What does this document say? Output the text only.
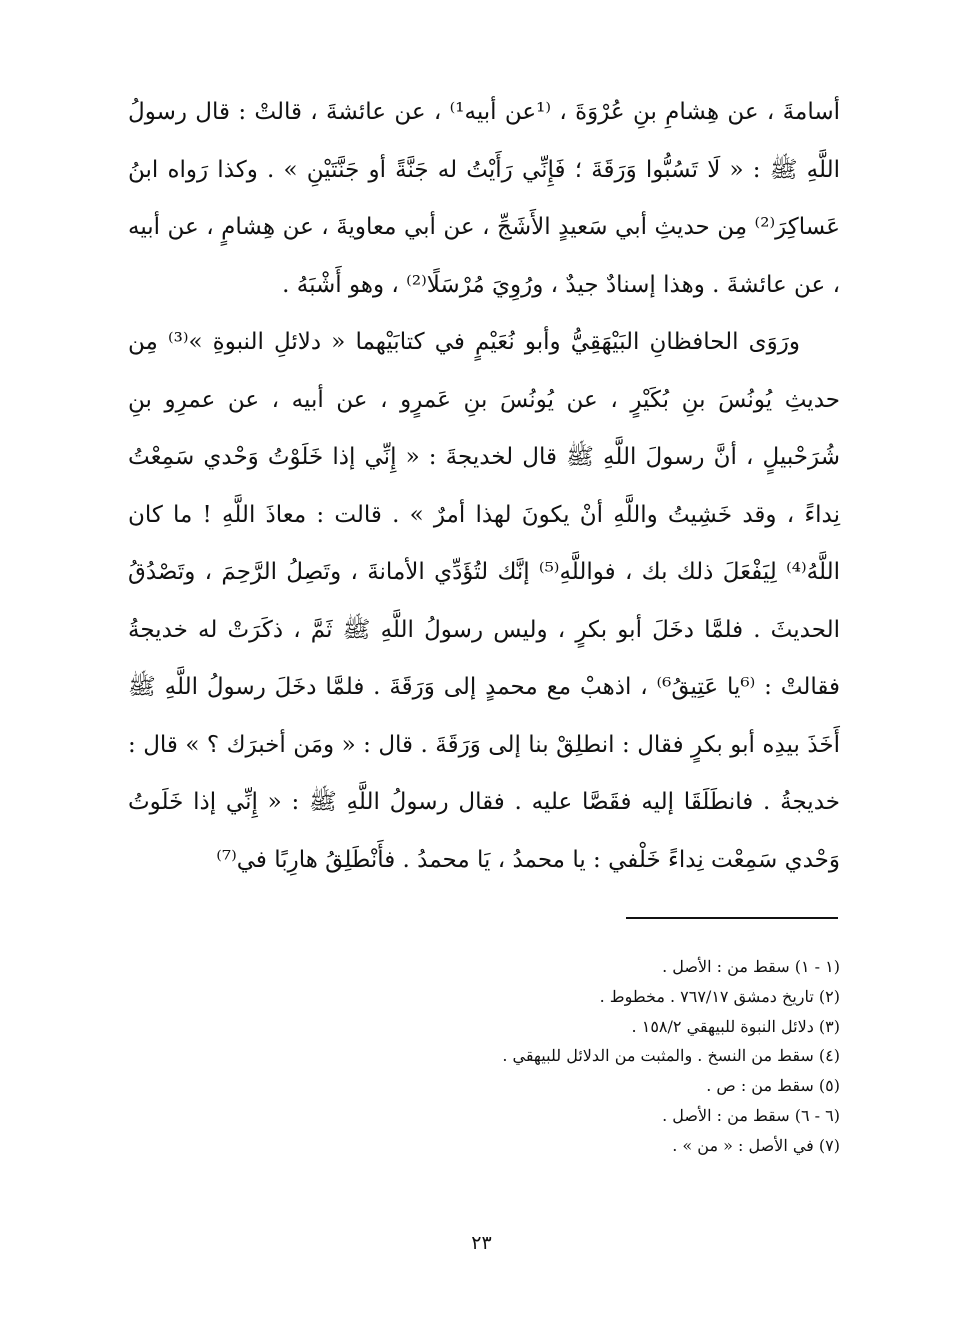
أسامةَ ، عن هِشامِ بنِ عُرْوَةَ ، ⁽¹عن أبيه¹⁾ ، عن عائشةَ ، قالتْ : قال رسولُ اللَّهِ ﷺ : « لَا تَسُبُّوا وَرَقَةَ ؛ فَإِنِّي رَأَيْتُ له جَنَّةً أو جَنَّتَيْنِ » . وكذا رَواه ابنُ عَساكِرَ⁽²⁾ مِن حديثِ أبي سَعيدٍ الأَشَجِّ ، عن أبي معاويةَ ، عن هِشامٍ ، عن أبيه ، عن عائشةَ . وهذا إسنادٌ جيدٌ ، ورُوِيَ مُرْسَلًا⁽²⁾ ، وهو أَشْبَهُ .

ورَوَى الحافظانِ البَيْهَقِيُّ وأبو نُعَيْمٍ في كتابَيْهما « دلائلِ النبوةِ »⁽³⁾ مِن حديثِ يُونُسَ بنِ بُكَيْرٍ ، عن يُونُسَ بنِ عَمرٍو ، عن أبيه ، عن عمرِو بنِ شُرَحْبيلٍ ، أنَّ رسولَ اللَّهِ ﷺ قال لخديجةَ : « إِنِّي إذا خَلَوْتُ وَحْدي سَمِعْتُ نِداءً ، وقد خَشِيتُ واللَّهِ أنْ يكونَ لهذا أمرٌ » . قالت : معاذَ اللَّهِ ! ما كان اللَّهُ⁽⁴⁾ لِيَفْعَلَ ذلك بك ، فواللَّهِ⁽⁵⁾ إنَّك لتُؤَدِّي الأمانةَ ، وتَصِلُ الرَّحِمَ ، وتَصْدُقُ الحديثَ . فلمَّا دخَلَ أبو بكرٍ ، وليس رسولُ اللَّهِ ﷺ ثَمَّ ، ذكَرَتْ له خديجةُ فقالتْ : ⁽⁶يا عَتِيقُ⁶⁾ ، اذهبْ مع محمدٍ إلى وَرَقَةَ . فلمَّا دخَلَ رسولُ اللَّهِ ﷺ أَخَذَ بيدِه أبو بكرٍ فقال : انطلِقْ بنا إلى وَرَقَةَ . قال : « ومَن أخبرَك ؟ » قال : خديجةُ . فانطَلَقَا إليه فقَصَّا عليه . فقال رسولُ اللَّهِ ﷺ : « إِنِّي إذا خَلَوتُ وَحْدي سَمِعْت نِداءً خَلْفي : يا محمدُ ، يَا محمدُ . فأَنْطَلِقُ هارِبًا في⁽⁷⁾

(١ - ١) سقط من : الأصل .
(٢) تاريخ دمشق ٧٦٧/١٧ . مخطوط .
(٣) دلائل النبوة للبيهقي ١٥٨/٢ .
(٤) سقط من النسخ . والمثبت من الدلائل للبيهقي .
(٥) سقط من : ص .
(٦ - ٦) سقط من : الأصل .
(٧) في الأصل : « من » .
٢٣
